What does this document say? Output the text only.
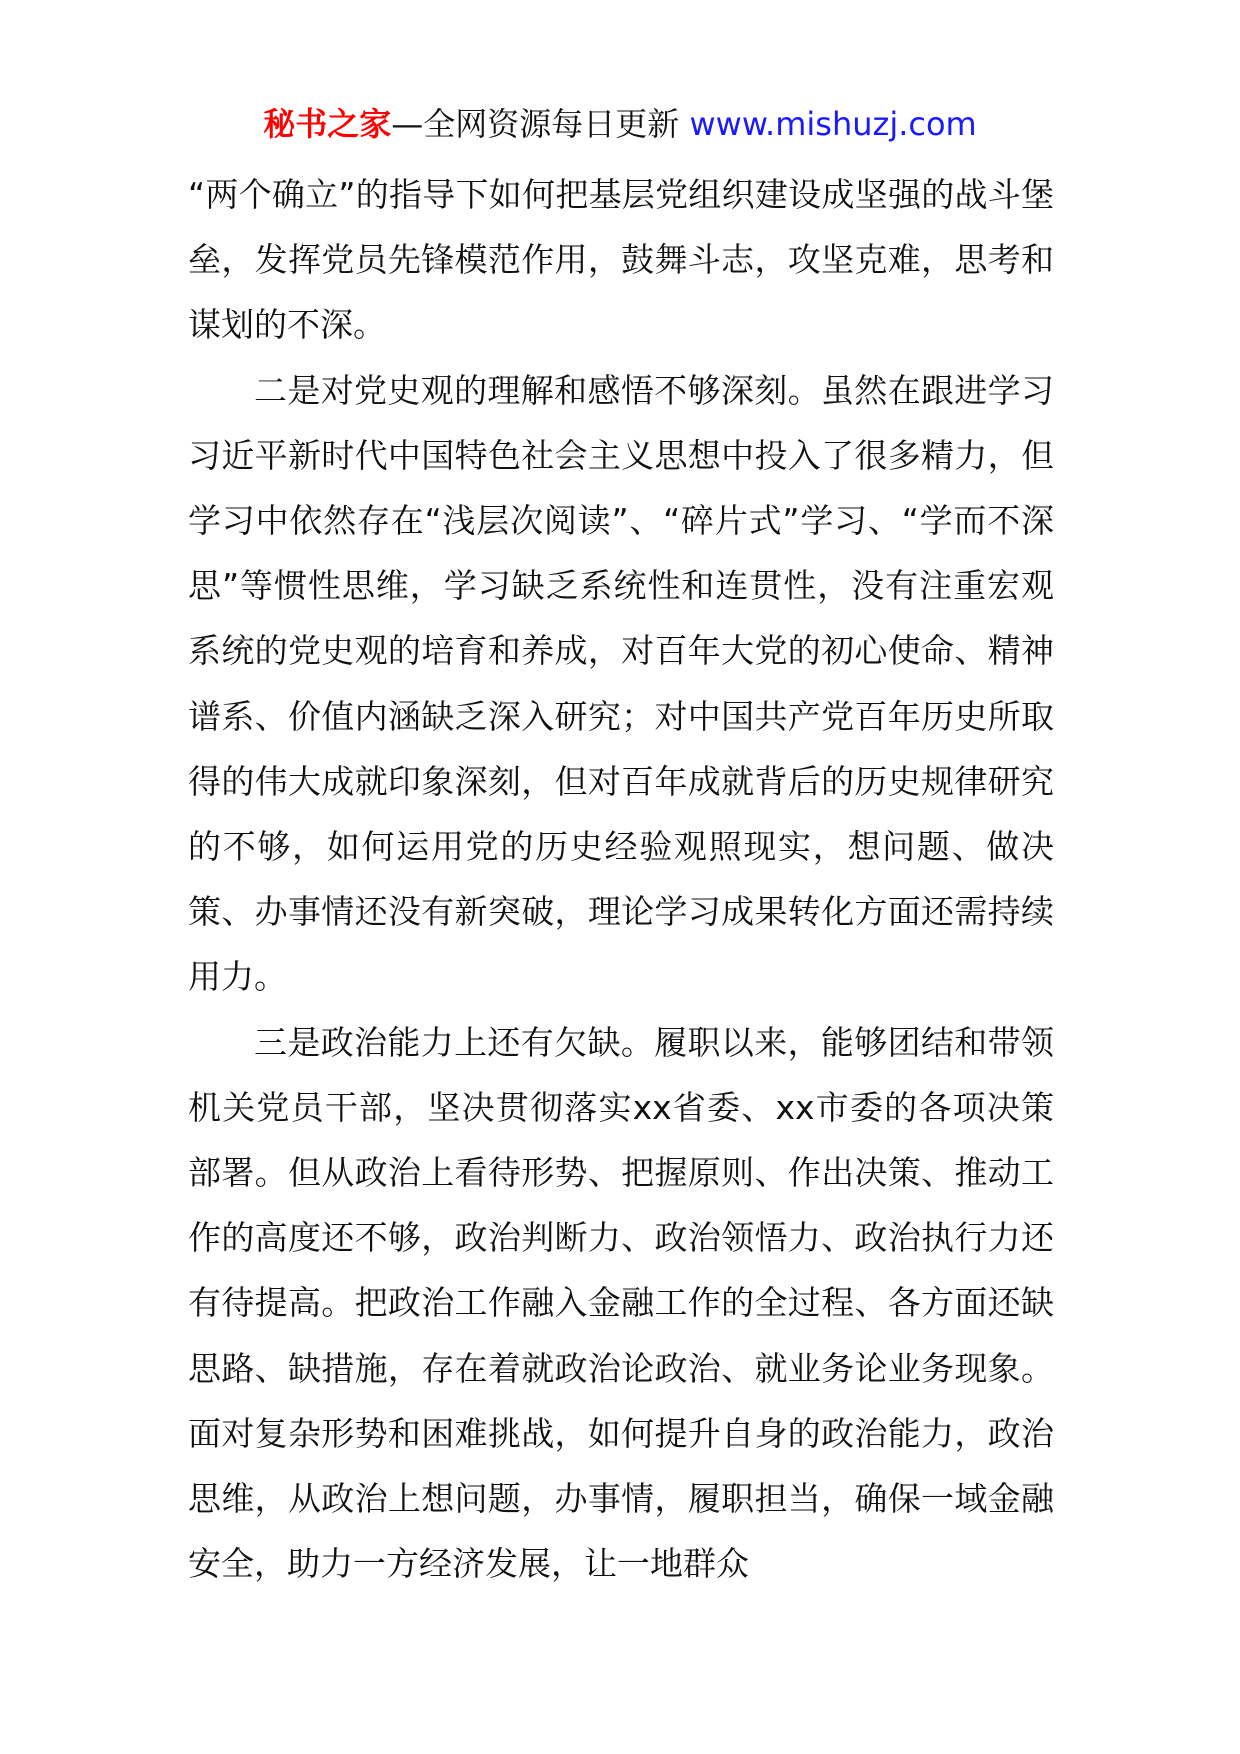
秘书之家—全网资源每日更新 www.mishuzj.com

“两个确立”的指导下如何把基层党组织建设成坚强的战斗堡垒，发挥党员先锋模范作用，鼓舞斗志，攻坚克难，思考和谋划的不深。

二是对党史观的理解和感悟不够深刻。虽然在跟进学习习近平新时代中国特色社会主义思想中投入了很多精力，但学习中依然存在“浅层次阅读”、“碎片式”学习、“学而不深思”等惯性思维，学习缺乏系统性和连贯性，没有注重宏观系统的党史观的培育和养成，对百年大党的初心使命、精神谱系、价值内涵缺乏深入研究；对中国共产党百年历史所取得的伟大成就印象深刻，但对百年成就背后的历史规律研究的不够，如何运用党的历史经验观照现实，想问题、做决策、办事情还没有新突破，理论学习成果转化方面还需持续用力。

三是政治能力上还有欠缺。履职以来，能够团结和带领机关党员干部，坚决贯彻落实xx省委、xx市委的各项决策部署。但从政治上看待形势、把握原则、作出决策、推动工作的高度还不够，政治判断力、政治领悟力、政治执行力还有待提高。把政治工作融入金融工作的全过程、各方面还缺思路、缺措施，存在着就政治论政治、就业务论业务现象。面对复杂形势和困难挑战，如何提升自身的政治能力，政治思维，从政治上想问题，办事情，履职担当，确保一域金融安全，助力一方经济发展，让一地群众
